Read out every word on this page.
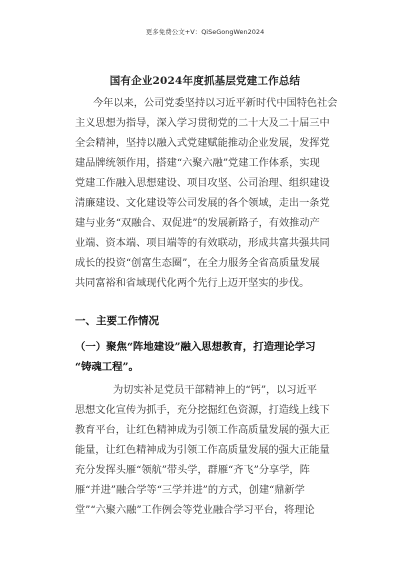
更多免费公文+V：QiSeGongWen2024
国有企业2024年度抓基层党建工作总结
今年以来，公司党委坚持以习近平新时代中国特色社会
主义思想为指导，深入学习贯彻党的二十大及二十届三中
全会精神，坚持以融入式党建赋能推动企业发展，发挥党
建品牌统领作用，搭建“六聚六融”党建工作体系，实现
党建工作融入思想建设、项目攻坚、公司治理、组织建设
清廉建设、文化建设等公司发展的各个领域，走出一条党
建与业务“双融合、双促进”的发展新路子，有效推动产
业端、资本端、项目端等的有效联动，形成共富共强共同
成长的投资“创富生态圈”，在全力服务全省高质量发展
共同富裕和省域现代化两个先行上迈开坚实的步伐。
一、主要工作情况
（一）聚焦“阵地建设”融入思想教育，打造理论学习
“铸魂工程”。
为切实补足党员干部精神上的“钙”，以习近平
思想文化宣传为抓手，充分挖掘红色资源，打造线上线下
教育平台，让红色精神成为引领工作高质量发展的强大正
能量，让红色精神成为引领工作高质量发展的强大正能量
充分发挥头雁“领航”带头学，群雁“齐飞”分享学，阵
雁“并进”融合学等“三学并进”的方式，创建“鼎新学
堂”“六聚六融”工作例会等党业融合学习平台，将理论
